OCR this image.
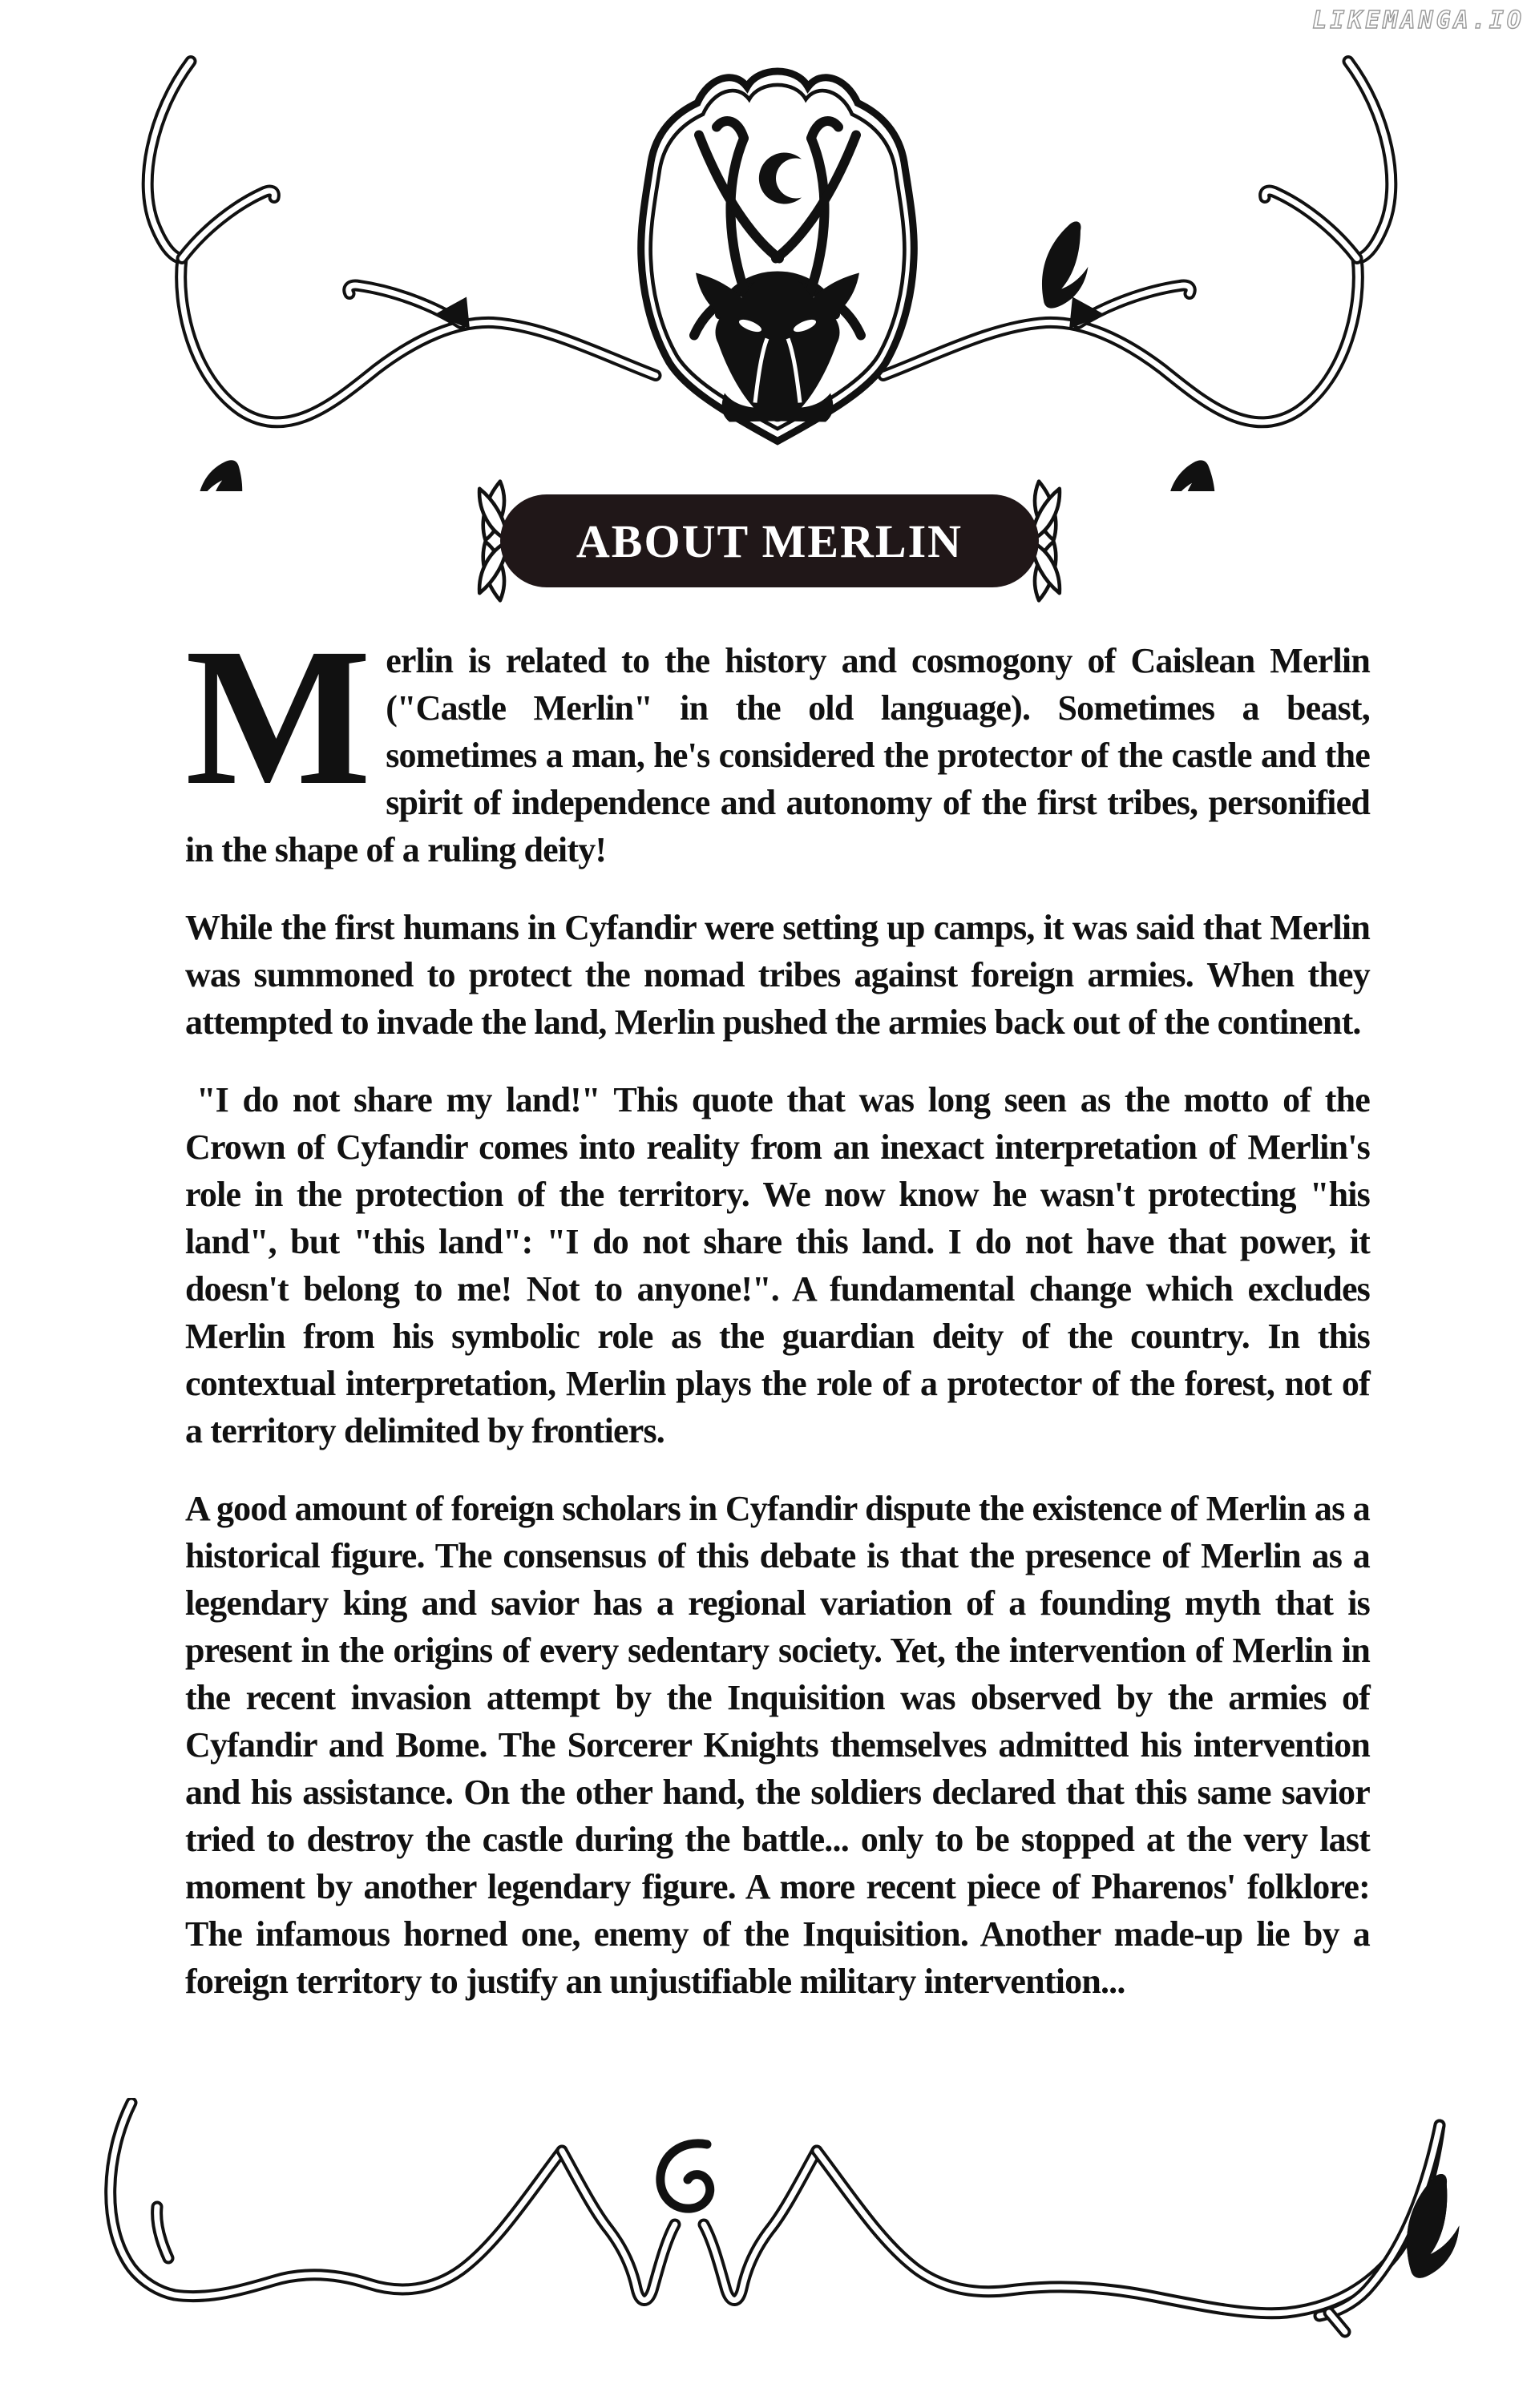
LIKEMANGA.IO
ABOUT MERLIN

Merlin is related to the history and cosmogony of Caislean Merlin ("Castle Merlin" in the old language). Sometimes a beast, sometimes a man, he's considered the protector of the castle and the spirit of independence and autonomy of the first tribes, personified in the shape of a ruling deity!

While the first humans in Cyfandir were setting up camps, it was said that Merlin was summoned to protect the nomad tribes against foreign armies. When they attempted to invade the land, Merlin pushed the armies back out of the continent.

"I do not share my land!" This quote that was long seen as the motto of the Crown of Cyfandir comes into reality from an inexact interpretation of Merlin's role in the protection of the territory. We now know he wasn't protecting "his land", but "this land": "I do not share this land. I do not have that power, it doesn't belong to me! Not to anyone!". A fundamental change which excludes Merlin from his symbolic role as the guardian deity of the country. In this contextual interpretation, Merlin plays the role of a protector of the forest, not of a territory delimited by frontiers.

A good amount of foreign scholars in Cyfandir dispute the existence of Merlin as a historical figure. The consensus of this debate is that the presence of Merlin as a legendary king and savior has a regional variation of a founding myth that is present in the origins of every sedentary society. Yet, the intervention of Merlin in the recent invasion attempt by the Inquisition was observed by the armies of Cyfandir and Bome. The Sorcerer Knights themselves admitted his intervention and his assistance. On the other hand, the soldiers declared that this same savior tried to destroy the castle during the battle... only to be stopped at the very last moment by another legendary figure. A more recent piece of Pharenos' folklore: The infamous horned one, enemy of the Inquisition. Another made-up lie by a foreign territory to justify an unjustifiable military intervention...
